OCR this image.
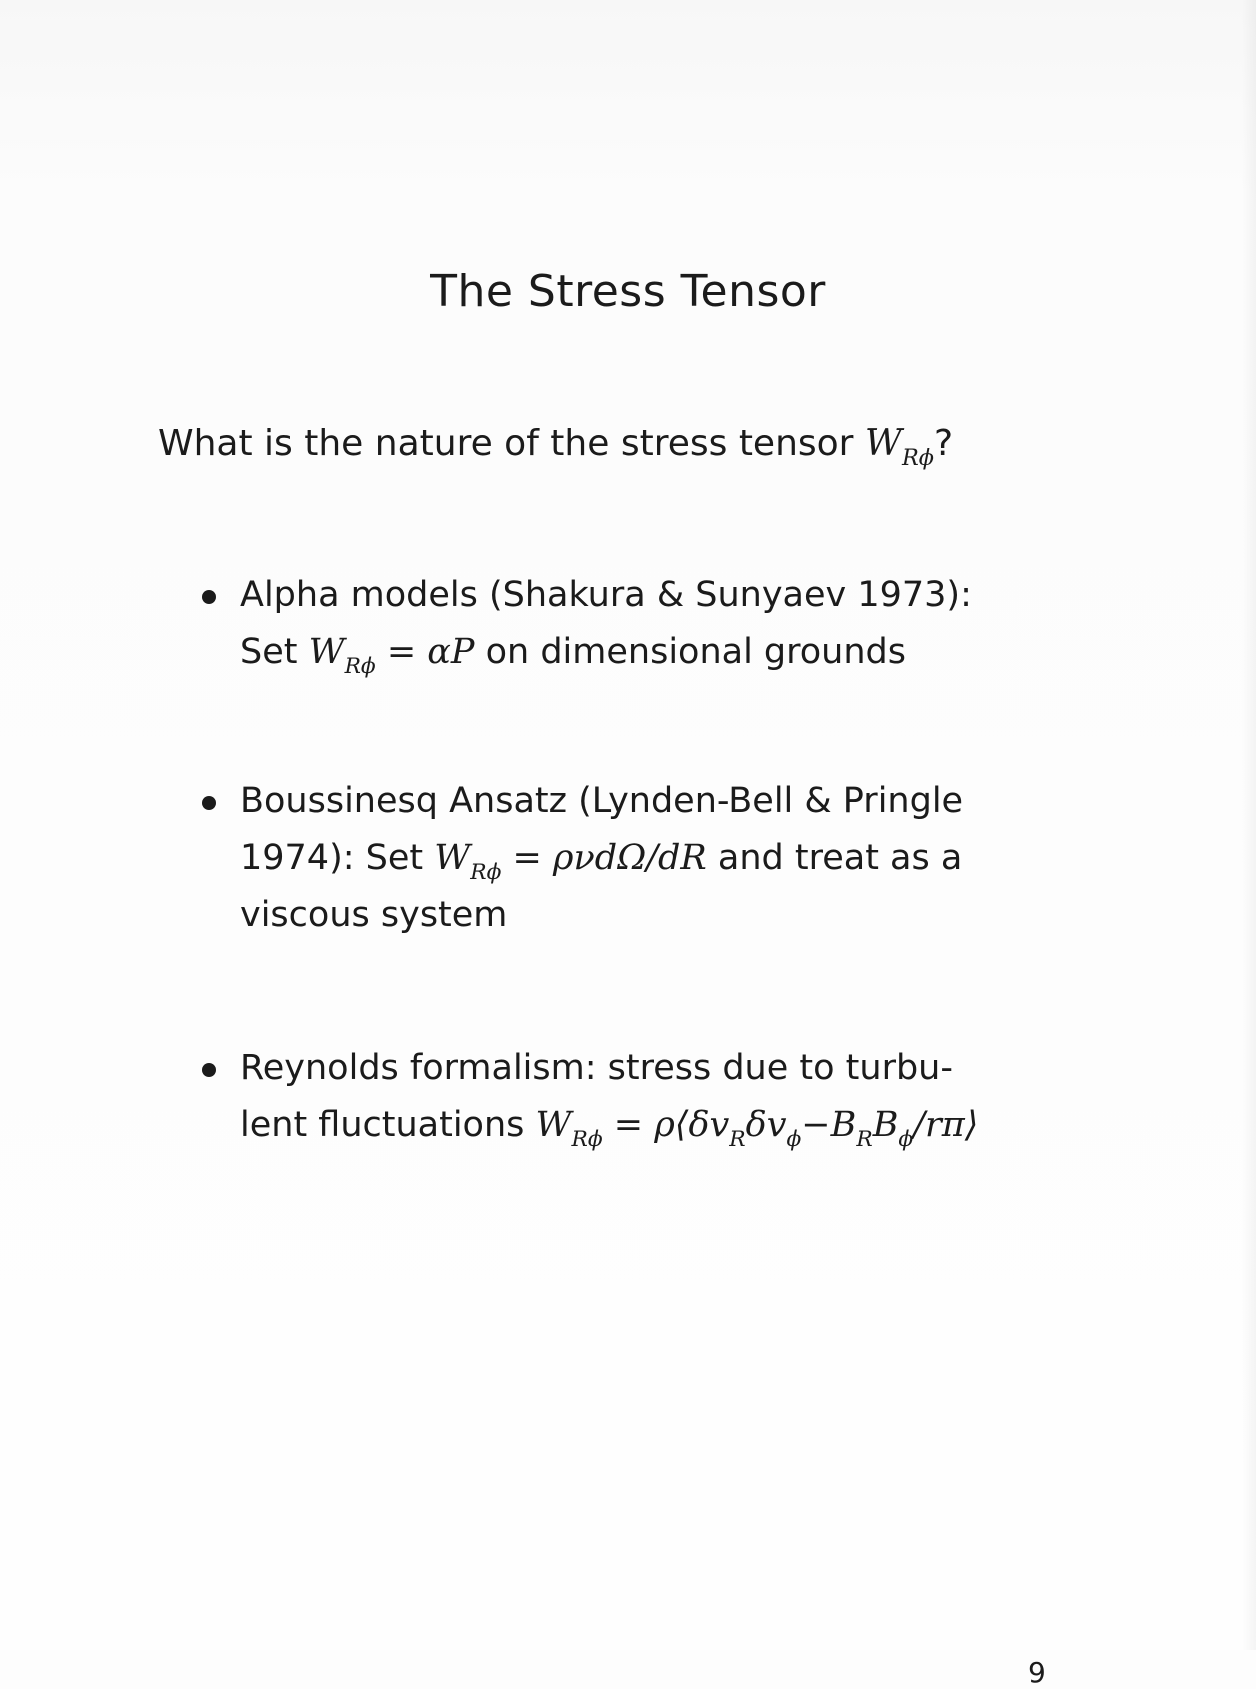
The Stress Tensor
What is the nature of the stress tensor $W_{R\phi}$?
Alpha models (Shakura & Sunyaev 1973):
Set $W_{R\phi} = \alpha P$ on dimensional grounds
Boussinesq Ansatz (Lynden-Bell & Pringle
1974): Set $W_{R\phi} = \rho\nu d\Omega/dR$ and treat as a
viscous system
Reynolds formalism: stress due to turbu-
lent fluctuations $W_{R\phi}$ = $\rho⟨\delta v_R\delta v_\phi-B_RB_\phi/r\pi⟩$
9
